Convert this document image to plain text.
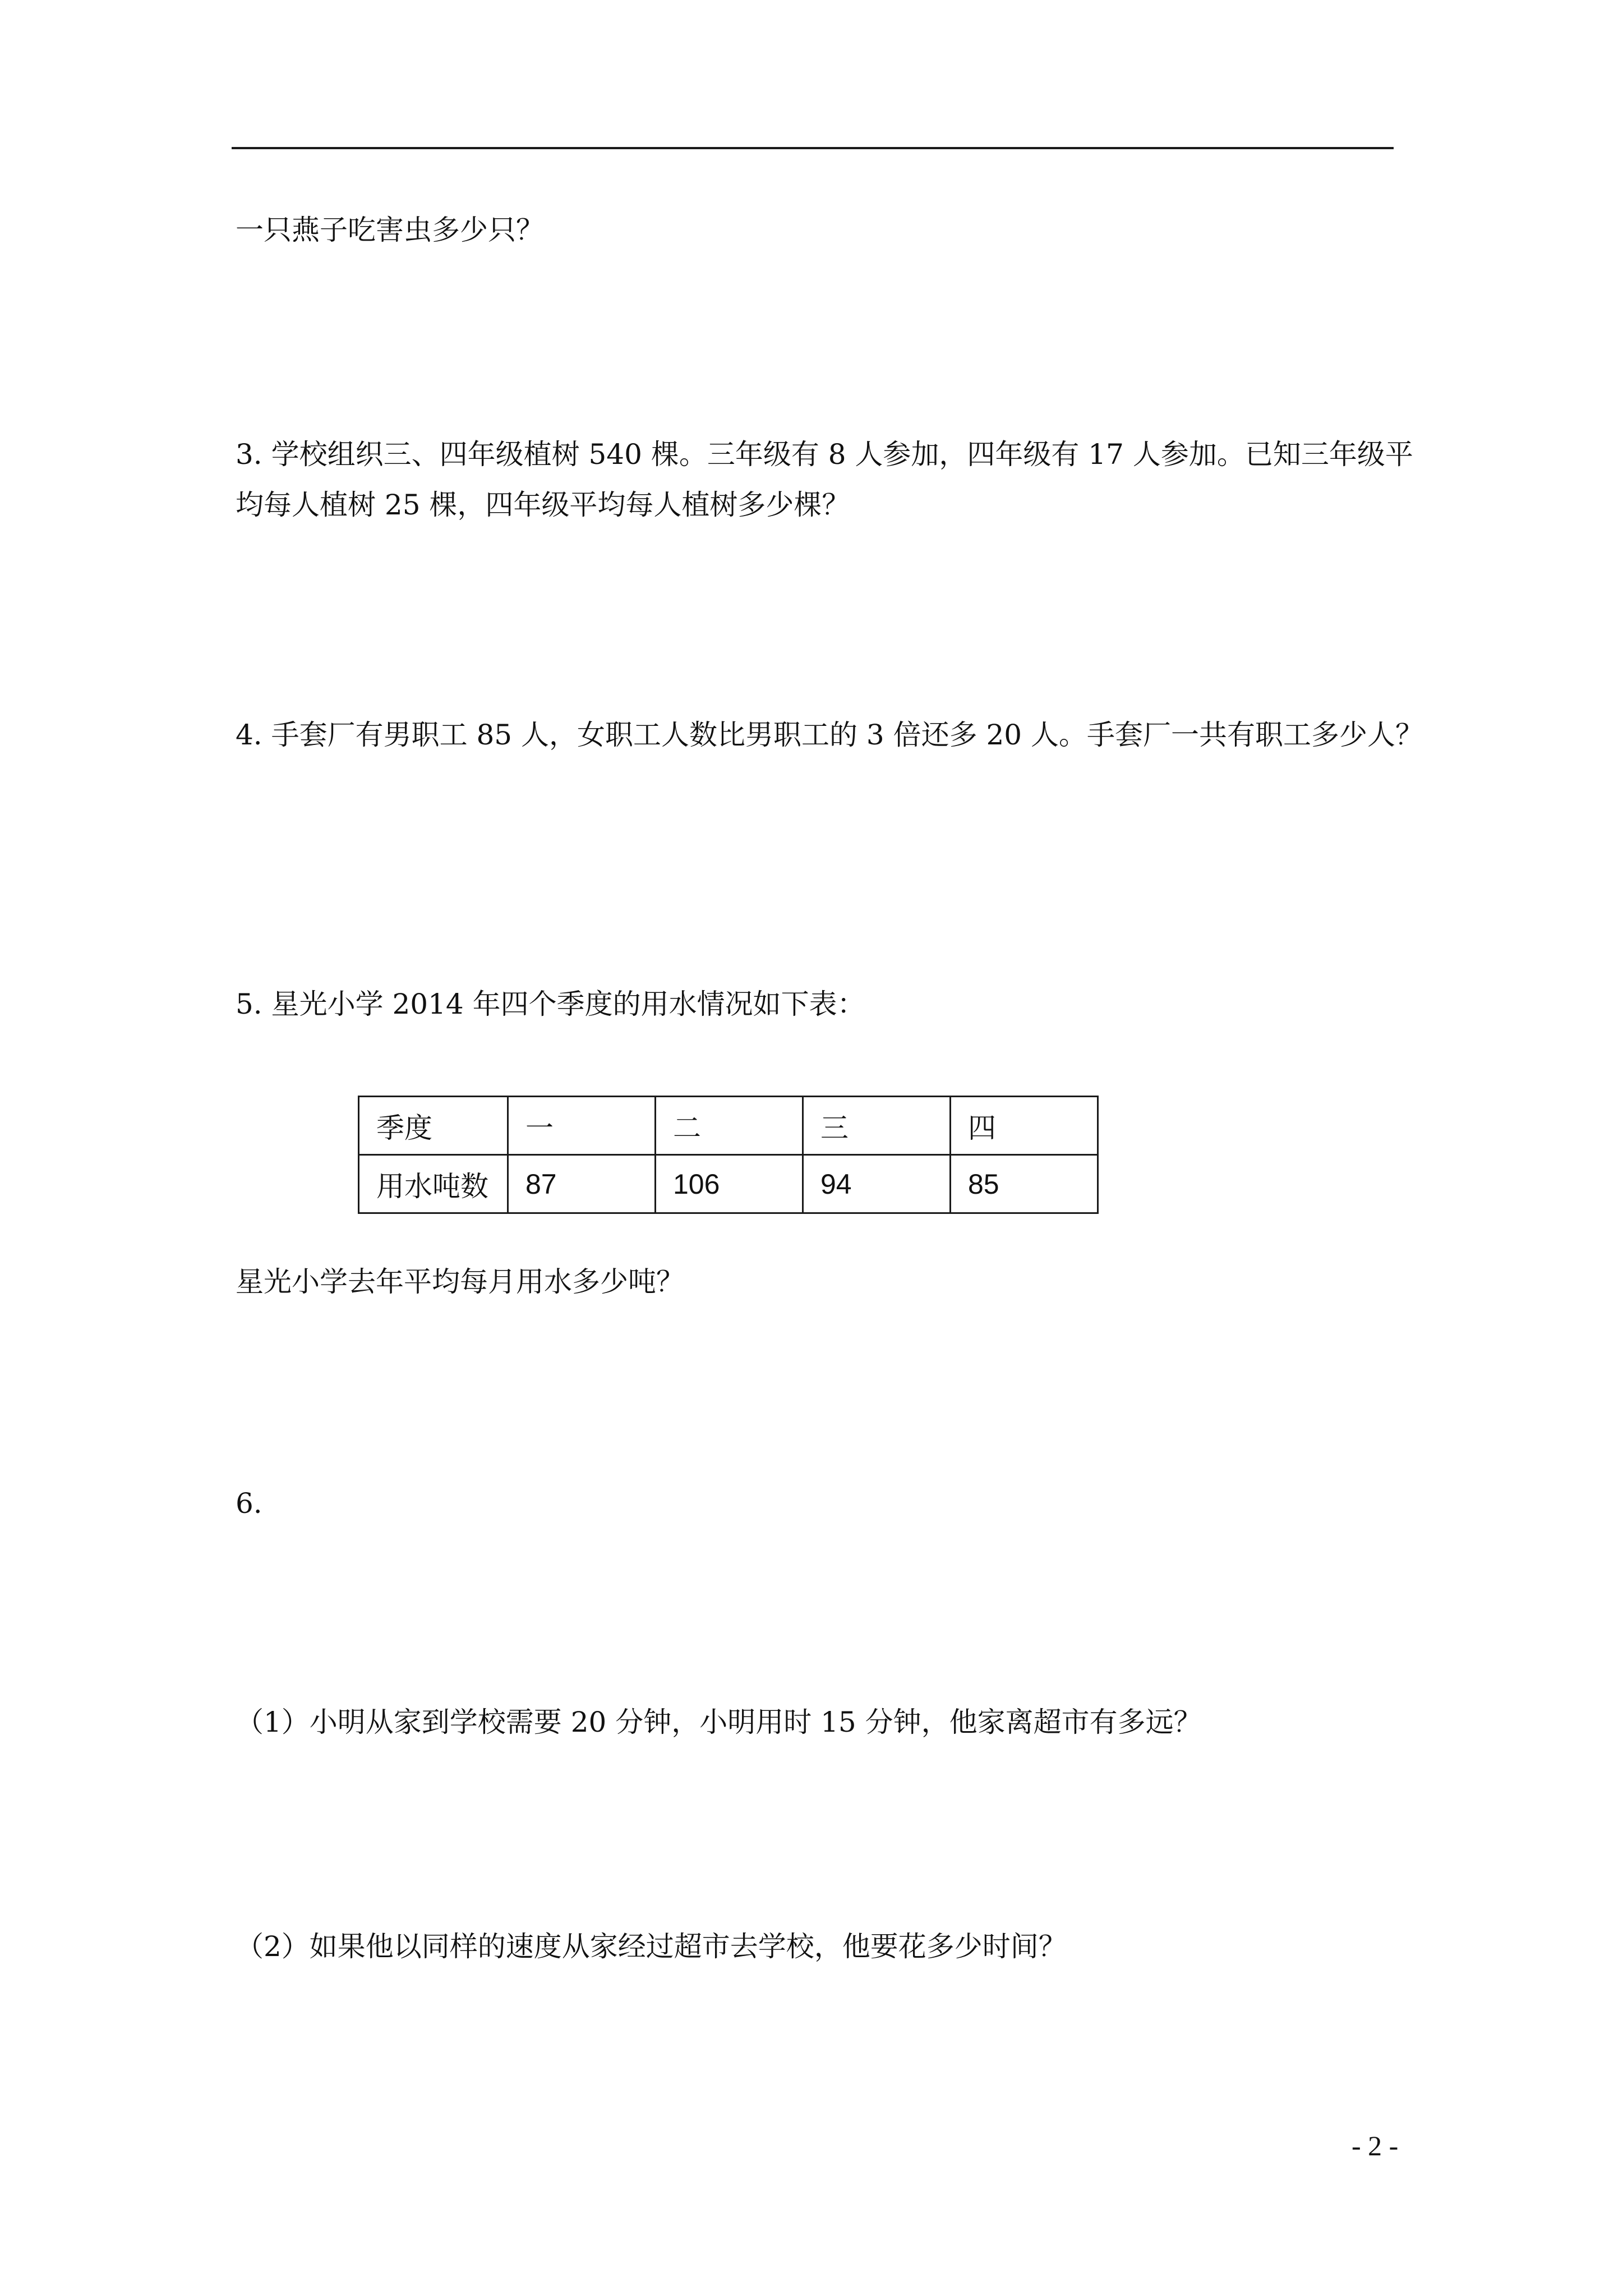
一只燕子吃害虫多少只？
3. 学校组织三、四年级植树 540 棵。三年级有 8 人参加，四年级有 17 人参加。已知三年级平
均每人植树 25 棵，四年级平均每人植树多少棵？
4. 手套厂有男职工 85 人，女职工人数比男职工的 3 倍还多 20 人。手套厂一共有职工多少人？
5. 星光小学 2014 年四个季度的用水情况如下表：
季度	一	二	三	四
用水吨数	87	106	94	85
星光小学去年平均每月用水多少吨？
6.
（1）小明从家到学校需要 20 分钟，小明用时 15 分钟，他家离超市有多远？
（2）如果他以同样的速度从家经过超市去学校，他要花多少时间？
- 2 -
